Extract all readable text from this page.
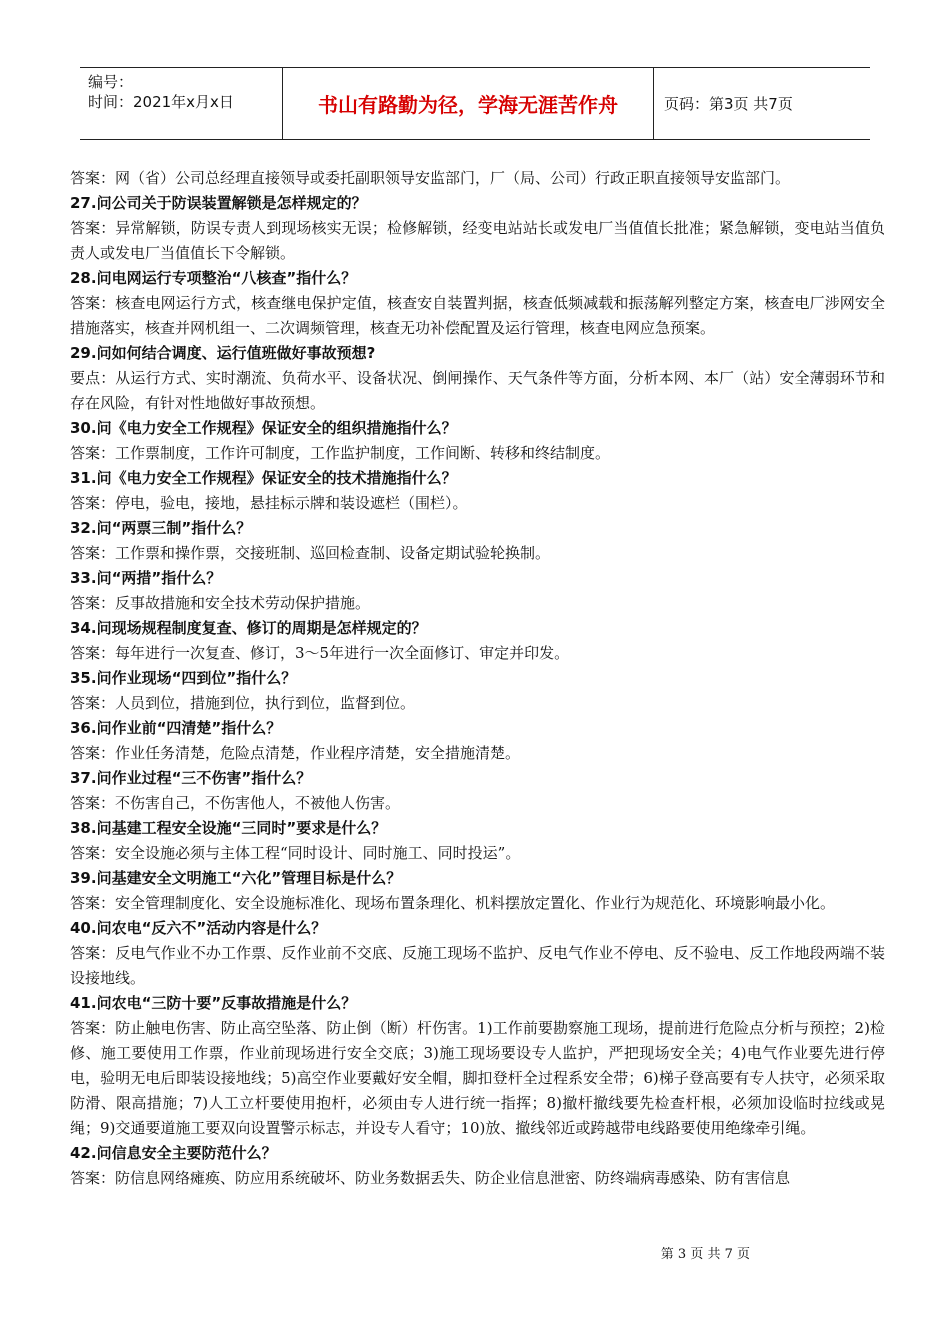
编号：
时间：2021年x月x日	书山有路勤为径，学海无涯苦作舟	页码：第3页 共7页

答案：网（省）公司总经理直接领导或委托副职领导安监部门，厂（局、公司）行政正职直接领导安监部门。

27.问公司关于防误装置解锁是怎样规定的？

答案：异常解锁，防误专责人到现场核实无误；检修解锁，经变电站站长或发电厂当值值长批准；紧急解锁，变电站当值负责人或发电厂当值值长下令解锁。

28.问电网运行专项整治“八核查”指什么？

答案：核查电网运行方式，核查继电保护定值，核查安自装置判据，核查低频减载和振荡解列整定方案，核查电厂涉网安全措施落实，核查并网机组一、二次调频管理，核查无功补偿配置及运行管理，核查电网应急预案。

29.问如何结合调度、运行值班做好事故预想?

要点：从运行方式、实时潮流、负荷水平、设备状况、倒闸操作、天气条件等方面，分析本网、本厂（站）安全薄弱环节和存在风险，有针对性地做好事故预想。

30.问《电力安全工作规程》保证安全的组织措施指什么？

答案：工作票制度，工作许可制度，工作监护制度，工作间断、转移和终结制度。

31.问《电力安全工作规程》保证安全的技术措施指什么？

答案：停电，验电，接地，悬挂标示牌和装设遮栏（围栏）。

32.问“两票三制”指什么？

答案：工作票和操作票，交接班制、巡回检查制、设备定期试验轮换制。

33.问“两措”指什么？

答案：反事故措施和安全技术劳动保护措施。

34.问现场规程制度复查、修订的周期是怎样规定的？

答案：每年进行一次复查、修订，3～5年进行一次全面修订、审定并印发。

35.问作业现场“四到位”指什么？

答案：人员到位，措施到位，执行到位，监督到位。

36.问作业前“四清楚”指什么？

答案：作业任务清楚，危险点清楚，作业程序清楚，安全措施清楚。

37.问作业过程“三不伤害”指什么？

答案：不伤害自己，不伤害他人，不被他人伤害。

38.问基建工程安全设施“三同时”要求是什么？

答案：安全设施必须与主体工程“同时设计、同时施工、同时投运”。

39.问基建安全文明施工“六化”管理目标是什么？

答案：安全管理制度化、安全设施标准化、现场布置条理化、机料摆放定置化、作业行为规范化、环境影响最小化。

40.问农电“反六不”活动内容是什么？

答案：反电气作业不办工作票、反作业前不交底、反施工现场不监护、反电气作业不停电、反不验电、反工作地段两端不装设接地线。

41.问农电“三防十要”反事故措施是什么？

答案：防止触电伤害、防止高空坠落、防止倒（断）杆伤害。1)工作前要勘察施工现场，提前进行危险点分析与预控；2)检修、施工要使用工作票，作业前现场进行安全交底；3)施工现场要设专人监护，严把现场安全关；4)电气作业要先进行停电，验明无电后即装设接地线；5)高空作业要戴好安全帽，脚扣登杆全过程系安全带；6)梯子登高要有专人扶守，必须采取防滑、限高措施；7)人工立杆要使用抱杆，必须由专人进行统一指挥；8)撤杆撤线要先检查杆根，必须加设临时拉线或晃绳；9)交通要道施工要双向设置警示标志，并设专人看守；10)放、撤线邻近或跨越带电线路要使用绝缘牵引绳。

42.问信息安全主要防范什么？

答案：防信息网络瘫痪、防应用系统破坏、防业务数据丢失、防企业信息泄密、防终端病毒感染、防有害信息

第 3 页 共 7 页
